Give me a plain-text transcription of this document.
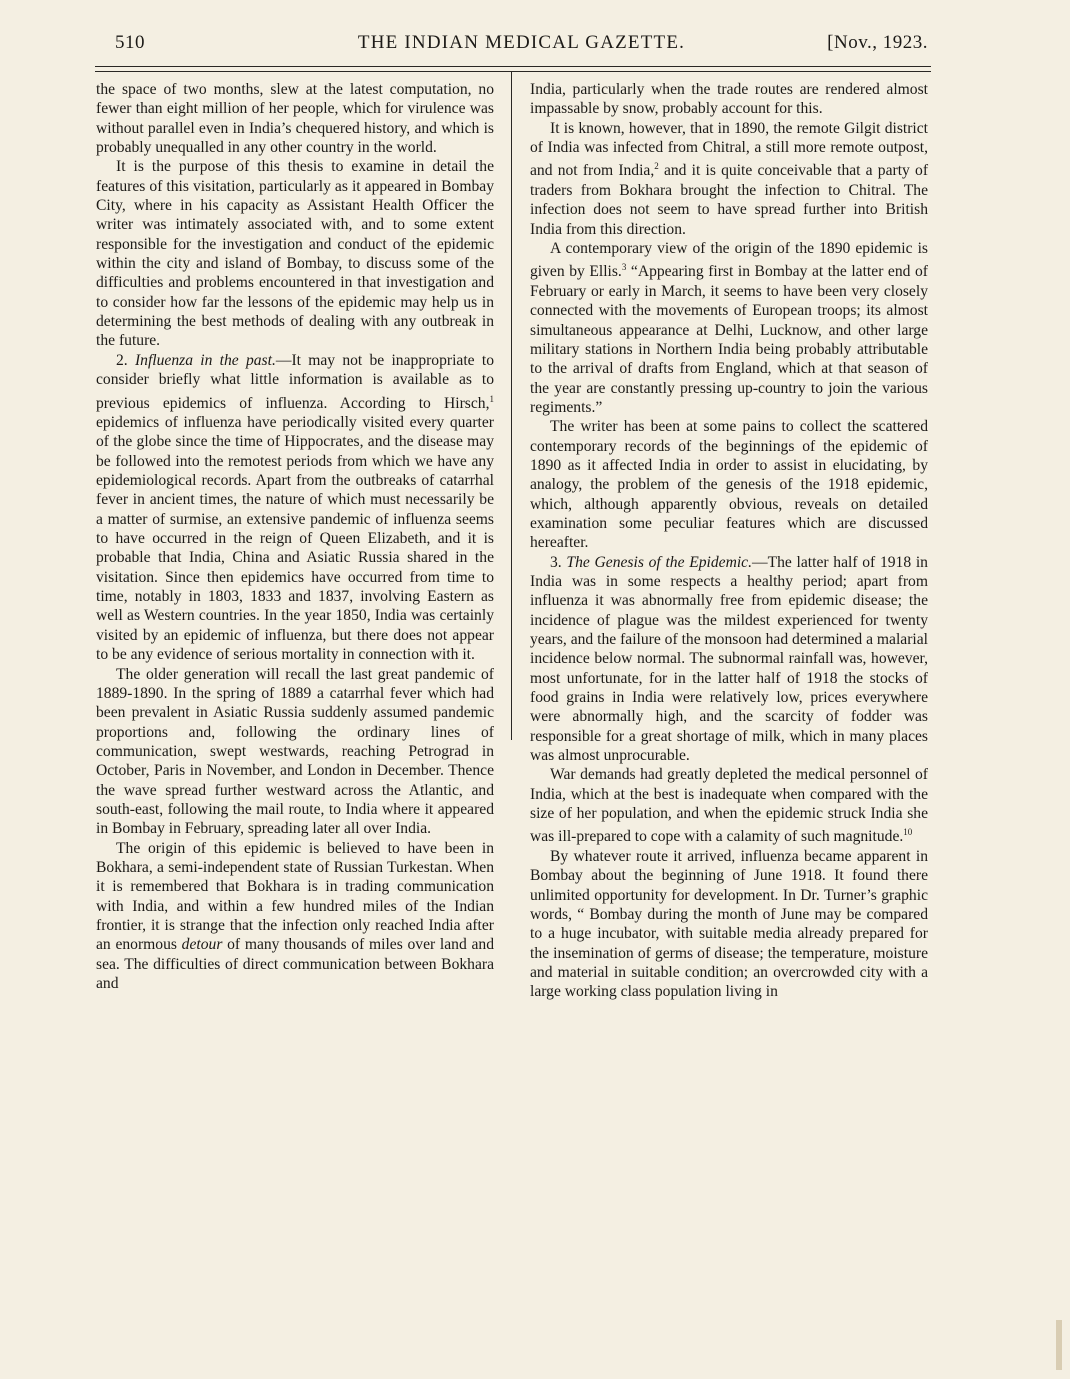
510	THE INDIAN MEDICAL GAZETTE.	[Nov., 1923.

the space of two months, slew at the latest computation, no fewer than eight million of her people, which for virulence was without parallel even in India’s chequered history, and which is probably unequalled in any other country in the world.

It is the purpose of this thesis to examine in detail the features of this visitation, particularly as it appeared in Bombay City, where in his capacity as Assistant Health Officer the writer was intimately associated with, and to some extent responsible for the investigation and conduct of the epidemic within the city and island of Bombay, to discuss some of the difficulties and problems encountered in that investigation and to consider how far the lessons of the epidemic may help us in determining the best methods of dealing with any outbreak in the future.

2. Influenza in the past.—It may not be inappropriate to consider briefly what little information is available as to previous epidemics of influenza. According to Hirsch,$^1$ epidemics of influenza have periodically visited every quarter of the globe since the time of Hippocrates, and the disease may be followed into the remotest periods from which we have any epidemiological records. Apart from the outbreaks of catarrhal fever in ancient times, the nature of which must necessarily be a matter of surmise, an extensive pandemic of influenza seems to have occurred in the reign of Queen Elizabeth, and it is probable that India, China and Asiatic Russia shared in the visitation. Since then epidemics have occurred from time to time, notably in 1803, 1833 and 1837, involving Eastern as well as Western countries. In the year 1850, India was certainly visited by an epidemic of influenza, but there does not appear to be any evidence of serious mortality in connection with it.

The older generation will recall the last great pandemic of 1889-1890. In the spring of 1889 a catarrhal fever which had been prevalent in Asiatic Russia suddenly assumed pandemic proportions and, following the ordinary lines of communication, swept westwards, reaching Petrograd in October, Paris in November, and London in December. Thence the wave spread further westward across the Atlantic, and south-east, following the mail route, to India where it appeared in Bombay in February, spreading later all over India.

The origin of this epidemic is believed to have been in Bokhara, a semi-independent state of Russian Turkestan. When it is remembered that Bokhara is in trading communication with India, and within a few hundred miles of the Indian frontier, it is strange that the infection only reached India after an enormous detour of many thousands of miles over land and sea. The difficulties of direct communication between Bokhara and

India, particularly when the trade routes are rendered almost impassable by snow, probably account for this.

It is known, however, that in 1890, the remote Gilgit district of India was infected from Chitral, a still more remote outpost, and not from India,$^2$ and it is quite conceivable that a party of traders from Bokhara brought the infection to Chitral. The infection does not seem to have spread further into British India from this direction.

A contemporary view of the origin of the 1890 epidemic is given by Ellis.$^3$ “Appearing first in Bombay at the latter end of February or early in March, it seems to have been very closely connected with the movements of European troops; its almost simultaneous appearance at Delhi, Lucknow, and other large military stations in Northern India being probably attributable to the arrival of drafts from England, which at that season of the year are constantly pressing up-country to join the various regiments.”

The writer has been at some pains to collect the scattered contemporary records of the beginnings of the epidemic of 1890 as it affected India in order to assist in elucidating, by analogy, the problem of the genesis of the 1918 epidemic, which, although apparently obvious, reveals on detailed examination some peculiar features which are discussed hereafter.

3. The Genesis of the Epidemic.—The latter half of 1918 in India was in some respects a healthy period; apart from influenza it was abnormally free from epidemic disease; the incidence of plague was the mildest experienced for twenty years, and the failure of the monsoon had determined a malarial incidence below normal. The subnormal rainfall was, however, most unfortunate, for in the latter half of 1918 the stocks of food grains in India were relatively low, prices everywhere were abnormally high, and the scarcity of fodder was responsible for a great shortage of milk, which in many places was almost unprocurable.

War demands had greatly depleted the medical personnel of India, which at the best is inadequate when compared with the size of her population, and when the epidemic struck India she was ill-prepared to cope with a calamity of such magnitude.$^{10}$

By whatever route it arrived, influenza became apparent in Bombay about the beginning of June 1918. It found there unlimited opportunity for development. In Dr. Turner’s graphic words, “ Bombay during the month of June may be compared to a huge incubator, with suitable media already prepared for the insemination of germs of disease; the temperature, moisture and material in suitable condition; an overcrowded city with a large working class population living in
